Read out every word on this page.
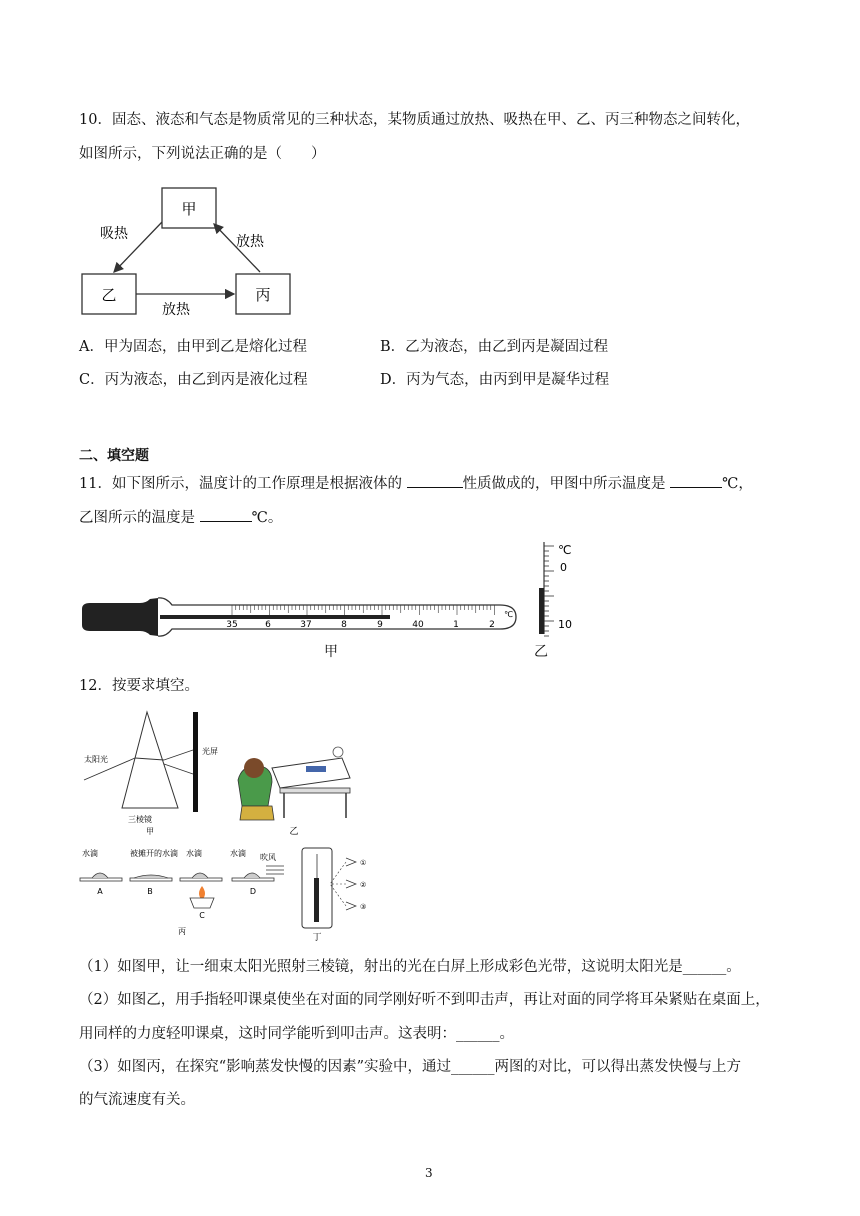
10．固态、液态和气态是物质常见的三种状态，某物质通过放热、吸热在甲、乙、丙三种物态之间转化，
如图所示，下列说法正确的是（　　）
甲
乙	丙
吸热	放热
放热
A．甲为固态，由甲到乙是熔化过程	B．乙为液态，由乙到丙是凝固过程
C．丙为液态，由乙到丙是液化过程	D．丙为气态，由丙到甲是凝华过程
二、填空题
11．如下图所示，温度计的工作原理是根据液体的	性质做成的，甲图中所示温度是	℃，
乙图所示的温度是	℃。
35	6	37	8	9	40	1	2
℃
甲
℃
0
10
乙
12．按要求填空。
太阳光
光屏
三棱镜
甲	乙
水滴	被摊开的水滴 水滴	水滴 吹风
A	B
C
D
丙
①
②
③
丁
（1）如图甲，让一细束太阳光照射三棱镜，射出的光在白屏上形成彩色光带，这说明太阳光是______。
（2）如图乙，用手指轻叩课桌使坐在对面的同学刚好听不到叩击声，再让对面的同学将耳朵紧贴在桌面上，
用同样的力度轻叩课桌，这时同学能听到叩击声。这表明：______。
（3）如图丙，在探究“影响蒸发快慢的因素”实验中，通过______两图的对比，可以得出蒸发快慢与上方
的气流速度有关。
3
